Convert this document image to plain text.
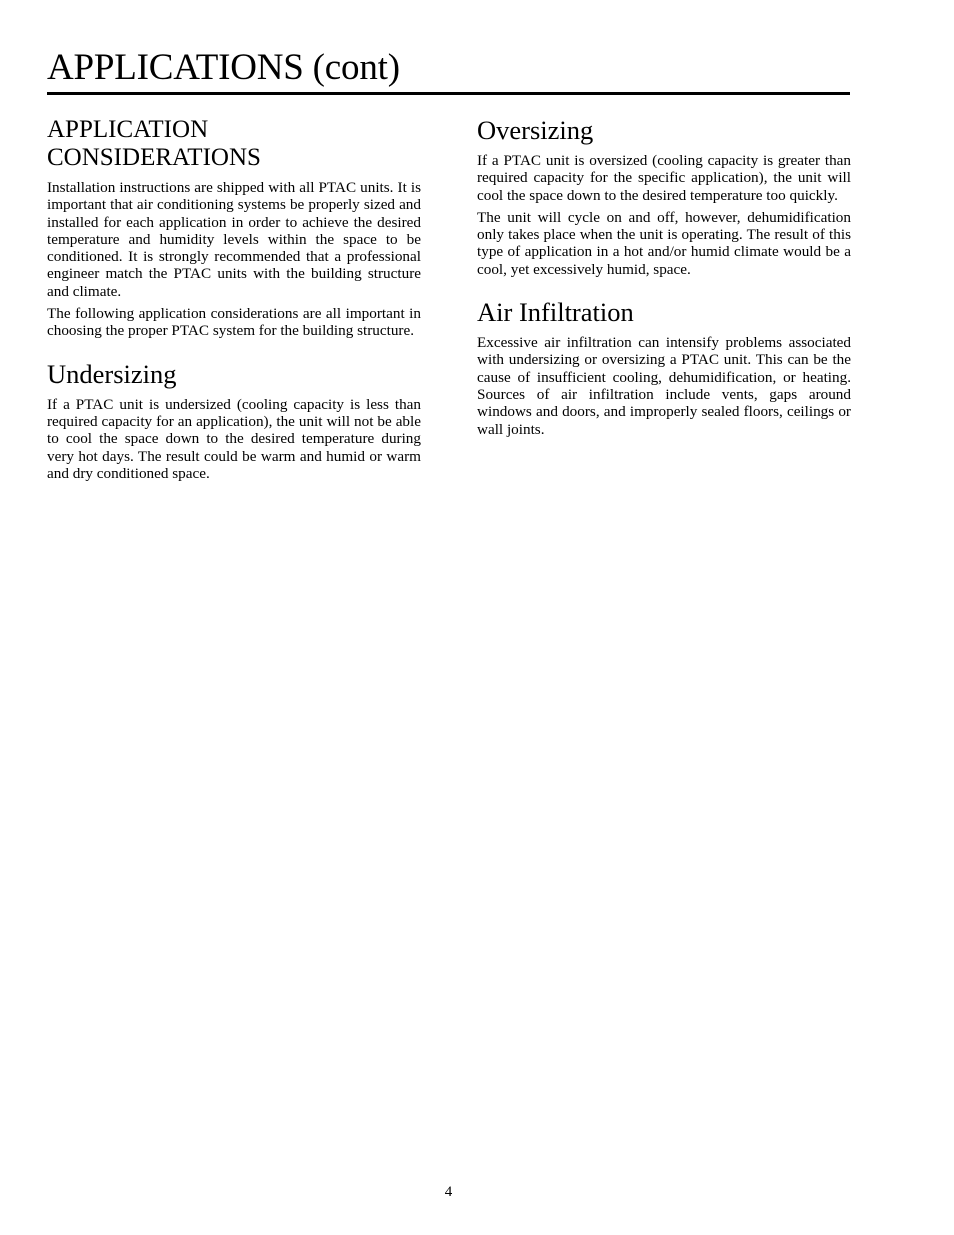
APPLICATIONS (cont)
APPLICATION CONSIDERATIONS

Installation instructions are shipped with all PTAC units. It is important that air conditioning systems be properly sized and installed for each application in order to achieve the desired temperature and humidity levels within the space to be conditioned. It is strongly recommended that a professional engineer match the PTAC units with the building structure and climate.

The following application considerations are all important in choosing the proper PTAC system for the building structure.

Undersizing

If a PTAC unit is undersized (cooling capacity is less than required capacity for an application), the unit will not be able to cool the space down to the desired temperature during very hot days. The result could be warm and humid or warm and dry conditioned space.

Oversizing

If a PTAC unit is oversized (cooling capacity is greater than required capacity for the specific application), the unit will cool the space down to the desired temperature too quickly.

The unit will cycle on and off, however, dehumidification only takes place when the unit is operating. The result of this type of application in a hot and/or humid climate would be a cool, yet excessively humid, space.

Air Infiltration

Excessive air infiltration can intensify problems associated with undersizing or oversizing a PTAC unit. This can be the cause of insufficient cooling, dehumidification, or heating. Sources of air infiltration include vents, gaps around windows and doors, and improperly sealed floors, ceilings or wall joints.

4
